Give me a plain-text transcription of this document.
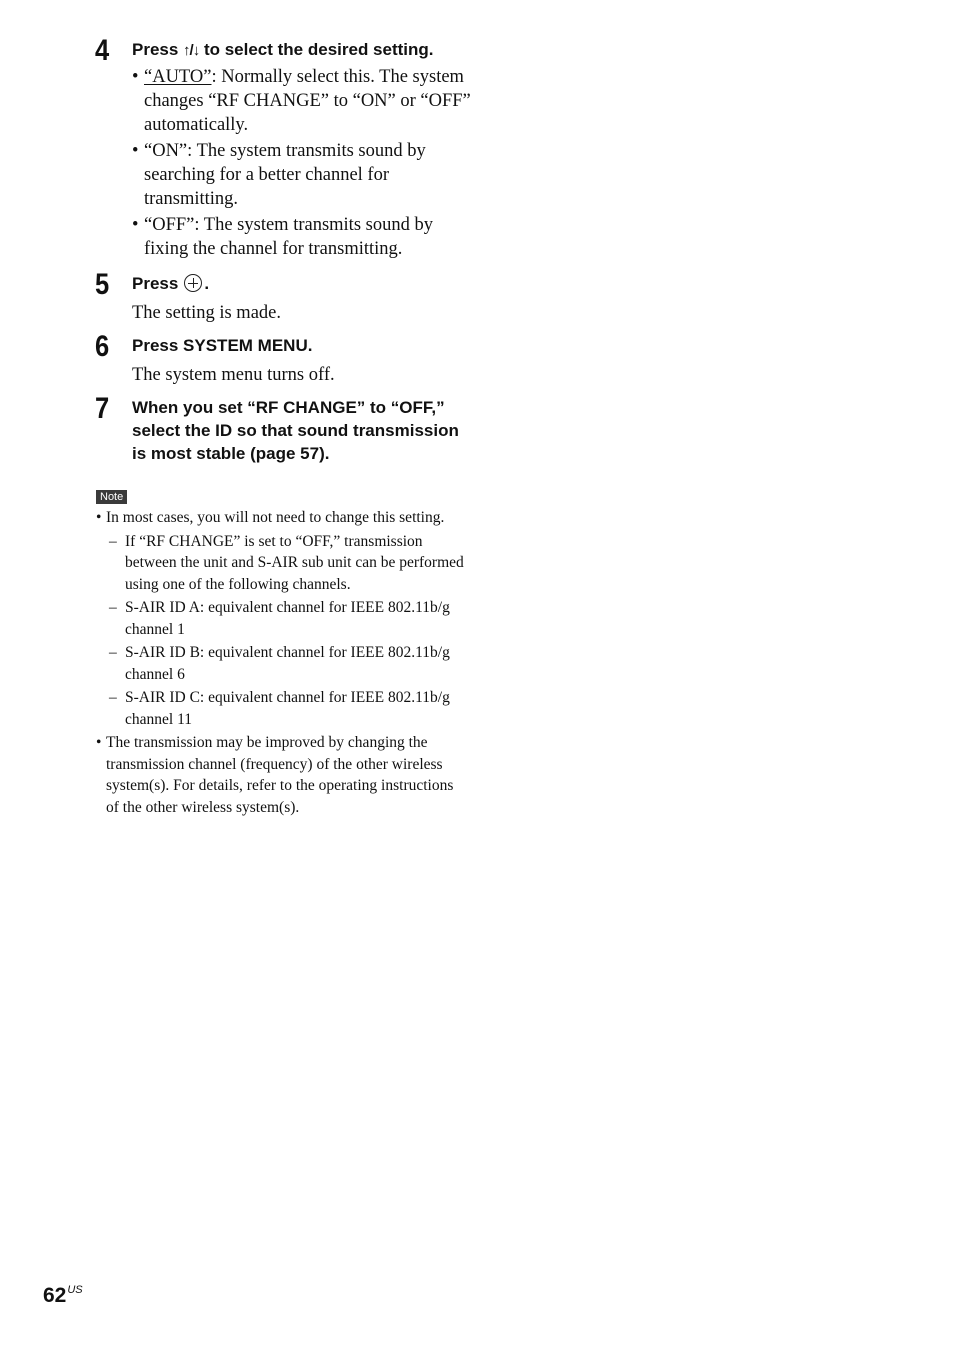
4 Press ↑/↓ to select the desired setting.
• “AUTO”: Normally select this. The system changes “RF CHANGE” to “ON” or “OFF” automatically.
• “ON”: The system transmits sound by searching for a better channel for transmitting.
• “OFF”: The system transmits sound by fixing the channel for transmitting.
5 Press .
The setting is made.
6 Press SYSTEM MENU.
The system menu turns off.
7 When you set “RF CHANGE” to “OFF,” select the ID so that sound transmission is most stable (page 57).
Note
• In most cases, you will not need to change this setting.
– If “RF CHANGE” is set to “OFF,” transmission between the unit and S-AIR sub unit can be performed using one of the following channels.
– S-AIR ID A: equivalent channel for IEEE 802.11b/g channel 1
– S-AIR ID B: equivalent channel for IEEE 802.11b/g channel 6
– S-AIR ID C: equivalent channel for IEEE 802.11b/g channel 11
• The transmission may be improved by changing the transmission channel (frequency) of the other wireless system(s). For details, refer to the operating instructions of the other wireless system(s).
$62^{US}$
